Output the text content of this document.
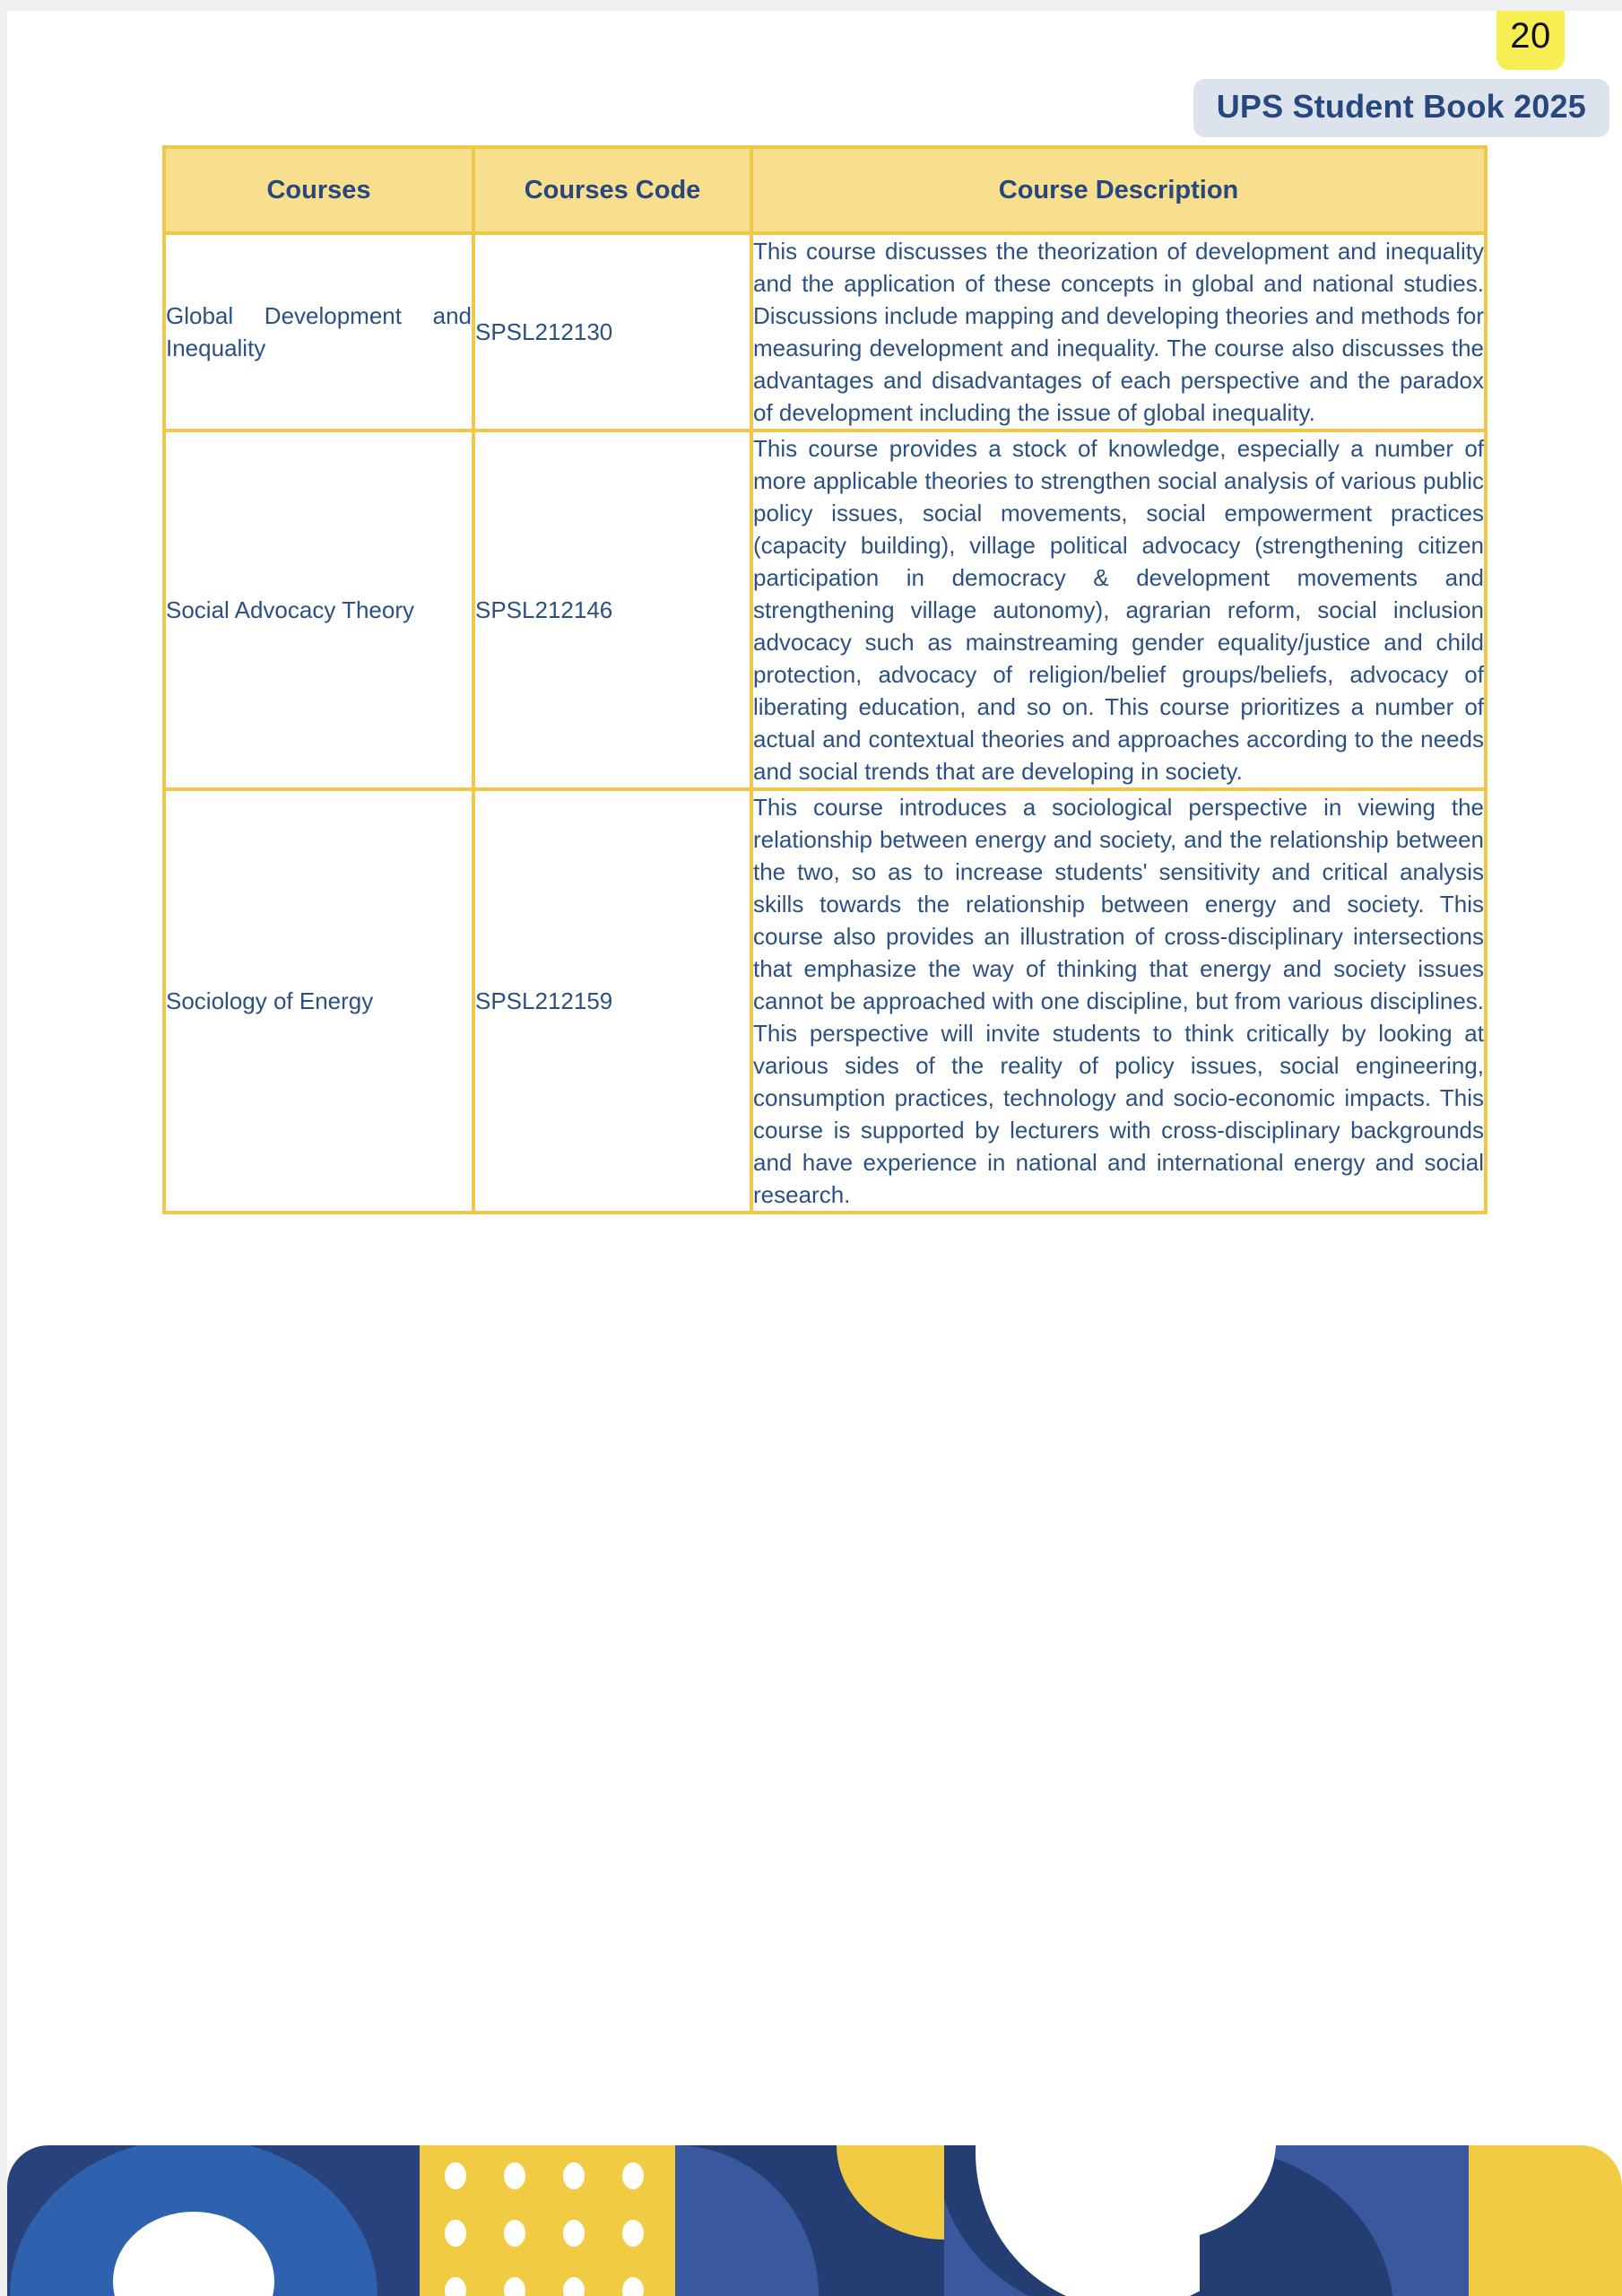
20
UPS Student Book 2025
Courses	Courses Code	Course Description
Global Development and Inequality	SPSL212130	This course discusses the theorization of development and inequality and the application of these concepts in global and national studies. Discussions include mapping and developing theories and methods for measuring development and inequality. The course also discusses the advantages and disadvantages of each perspective and the paradox of development including the issue of global inequality.
Social Advocacy Theory	SPSL212146	This course provides a stock of knowledge, especially a number of more applicable theories to strengthen social analysis of various public policy issues, social movements, social empowerment practices (capacity building), village political advocacy (strengthening citizen participation in democracy & development movements and strengthening village autonomy), agrarian reform, social inclusion advocacy such as mainstreaming gender equality/justice and child protection, advocacy of religion/belief groups/beliefs, advocacy of liberating education, and so on. This course prioritizes a number of actual and contextual theories and approaches according to the needs and social trends that are developing in society.
Sociology of Energy	SPSL212159	This course introduces a sociological perspective in viewing the relationship between energy and society, and the relationship between the two, so as to increase students' sensitivity and critical analysis skills towards the relationship between energy and society. This course also provides an illustration of cross-disciplinary intersections that emphasize the way of thinking that energy and society issues cannot be approached with one discipline, but from various disciplines. This perspective will invite students to think critically by looking at various sides of the reality of policy issues, social engineering, consumption practices, technology and socio-economic impacts. This course is supported by lecturers with cross-disciplinary backgrounds and have experience in national and international energy and social research.
